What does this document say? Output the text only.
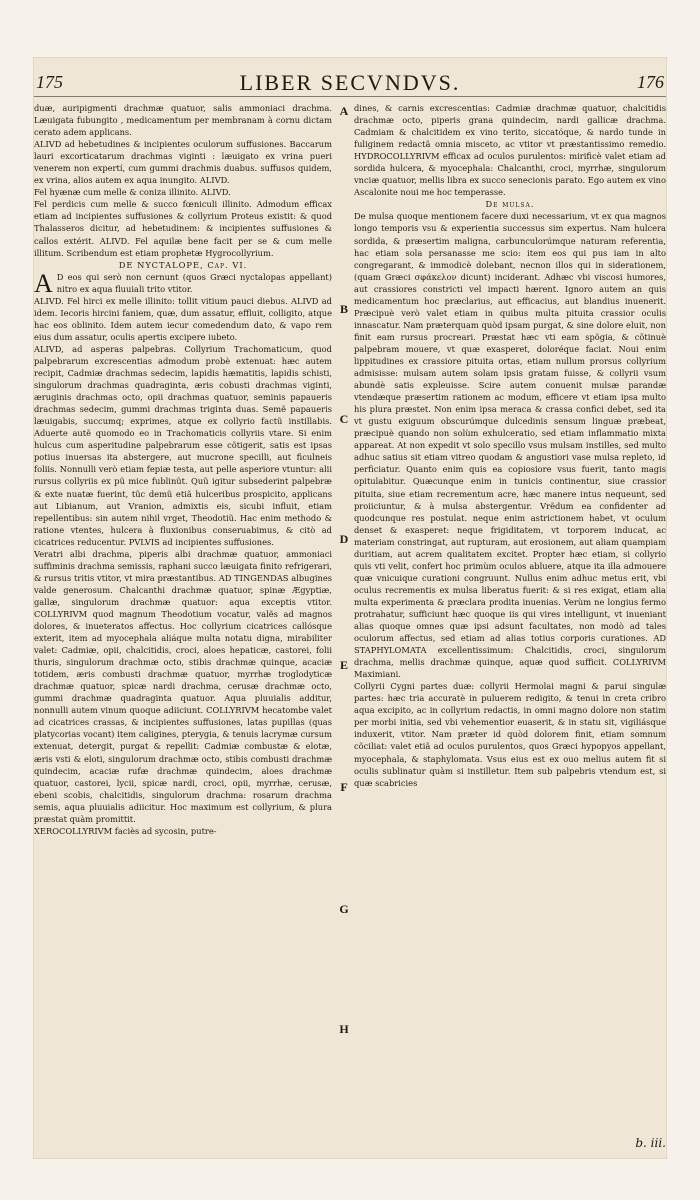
175	LIBER SECVNDVS.	176

duæ, auripigmenti drachmæ quatuor, salis ammoniaci drachma. Læuigata fubungito , medicamentum per membranam à cornu dictam cerato adem applicans.

ALIVD ad hebetudines & incipientes oculorum suffusiones. Baccarum lauri excorticatarum drachmas viginti : læuigato ex vrina pueri venerem non expertí, cum gummi drachmis duabus. suffusos quidem, ex vrina, alios autem ex aqua inungito. ALIVD.

Fel hyænæ cum melle & coniza illinito. ALIVD.

Fel perdicis cum melle & succo fœniculi illinito. Admodum efficax etiam ad incipientes suffusiones & collyrium Proteus existit: & quod Thalasseros dicitur, ad hebetudinem: & incipientes suffusiones & callos extérit. ALIVD. Fel aquilæ bene facit per se & cum melle illitum. Scribendum est etiam prophetæ Hygrocollyrium.

DE NYCTALOPE, Cap. VI.

A D eos qui serò non cernunt (quos Græci nyctalopas appellant) nitro ex aqua fluuiali trito vtitor.

ALIVD. Fel hirci ex melle illinito: tollit vitium pauci diebus. ALIVD ad idem. Iecoris hircini faniem, quæ, dum assatur, effluit, colligito, atque hac eos oblinito. Idem autem iecur comedendum dato, & vapo rem eius dum assatur, oculis apertis excipere iubeto.

ALIVD, ad asperas palpebras. Collyrium Trachomaticum, quod palpebrarum excrescentias admodum probè extenuat: hæc autem recipit, Cadmiæ drachmas sedecim, lapidis hæmatitis, lapidis schisti, singulorum drachmas quadraginta, æris cobusti drachmas viginti, æruginis drachmas octo, opii drachmas quatuor, seminis papaueris drachmas sedecim, gummi drachmas triginta duas. Semẽ papaueris læuigabis, succumq; exprimes, atque ex collyrio factũ instillabis. Aduerte autẽ quomodo eo in Trachomaticis collyriis vtare. Si enim hulcus cum asperitudine palpebrarum esse cõtigerit, satis est ipsas potius inuersas ita abstergere, aut mucrone specilli, aut ficulneis foliis. Nonnulli verò etiam fepiæ testa, aut pelle asperiore vtuntur: alii rursus collyriis ex pũ mice fublinũt. Quũ igitur subsederint palpebræ & exte nuatæ fuerint, tũc demũ etiã hulceribus prospicito, applicans aut Libianum, aut Vranion, admixtis eis, sicubi influit, etiam repellentibus: sin autem nihil vrget, Theodotiũ. Hac enim methodo & ratione vtentes, hulcera à fluxionibus conseruabimus, & citò ad cicatrices reducentur. PVLVIS ad incipientes suffusiones.

Veratri albi drachma, piperis albi drachmæ quatuor, ammoniaci suffiminis drachma semissis, raphani succo læuigata finito refrigerari, & rursus tritis vtitor, vt mira præstantibus. AD TINGENDAS albugines valde generosum. Chalcanthi drachmæ quatuor, spinæ Ægyptiæ, gallæ, singulorum drachmæ quatuor: aqua exceptis vtitor. COLLYRIVM quod magnum Theodotium vocatur, valẽs ad magnos dolores, & inueteratos affectus. Hoc collyrium cicatrices callósque exterit, item ad myocephala aliáque multa notatu digna, mirabiliter valet: Cadmiæ, opii, chalcitidis, croci, aloes hepaticæ, castorei, folii thuris, singulorum drachmæ octo, stibis drachmæ quinque, acaciæ totidem, æris combusti drachmæ quatuor, myrrhæ troglodyticæ drachmæ quatuor, spicæ nardi drachma, cerusæ drachmæ octo, gummi drachmæ quadraginta quatuor. Aqua pluuialis additur, nonnulli autem vinum quoque adiiciunt. COLLYRIVM hecatombe valet ad cicatrices crassas, & incipientes suffusiones, latas pupillas (quas platycorias vocant) item caligines, pterygia, & tenuis lacrymæ cursum extenuat, detergit, purgat & repellit: Cadmiæ combustæ & elotæ, æris vsti & eloti, singulorum drachmæ octo, stibis combusti drachmæ quindecim, acaciæ rufæ drachmæ quindecim, aloes drachmæ quatuor, castorei, lycii, spicæ nardi, croci, opii, myrrhæ, cerusæ, ebeni scobis, chalcitidis, singulorum drachma: rosarum drachma semis, aqua pluuialis adiicitur. Hoc maximum est collyrium, & plura præstat quàm promittit.

XEROCOLLYRIVM faciès ad sycosin, putre-

A
B
C
D
E
F
G
H

dines, & carnis excrescentias: Cadmiæ drachmæ quatuor, chalcitidis drachmæ octo, piperis grana quindecim, nardi gallicæ drachma. Cadmiam & chalcitidem ex vino terito, siccatóque, & nardo tunde in fuliginem redactã omnia misceto, ac vtitor vt præstantissimo remedio. HYDROCOLLYRIVM efficax ad oculos purulentos: mirificè valet etiam ad sordida hulcera, & myocephala: Chalcanthi, croci, myrrhæ, singulorum vnciæ quatuor, mellis libra ex succo senecionis parato. Ego autem ex vino Ascalonite noui me hoc temperasse.

De mulsa.

De mulsa quoque mentionem facere duxi necessarium, vt ex qua magnos longo temporis vsu & experientia successus sim expertus. Nam hulcera sordida, & præsertim maligna, carbunculorúmque naturam referentia, hac etiam sola persanasse me scio: item eos qui pus iam in alto congregarant, & immodicè dolebant, necnon illos qui in siderationem, (quam Græci σφάκελον dicunt) inciderant. Adhæc vbi viscosi humores, aut crassiores constricti vel impacti hærent. Ignoro autem an quis medicamentum hoc præclarius, aut efficacius, aut blandius inuenerit. Præcipuè verò valet etiam in quibus multa pituita crassior oculis innascatur. Nam præterquam quòd ipsam purgat, & sine dolore eluit, non finit eam rursus procreari. Præstat hæc vti eam spõgia, & cõtinuè palpebram mouere, vt quæ exasperet, doloréque faciat. Noui enim lippitudines ex crassiore pituita ortas, etiam nullum prorsus collyrium admisisse: mulsam autem solam ipsis gratam fuisse, & collyrii vsum abundè satis expleuisse. Scire autem conuenit mulsæ parandæ vtendæque præsertim rationem ac modum, efficere vt etiam ipsa multo his plura præstet. Non enim ipsa meraca & crassa confici debet, sed ita vt gustu exiguum obscurúmque dulcedinis sensum linguæ præbeat, præcipuè quando non solùm exhulceratio, sed etiam inflammatio mixta appareat. At non expedit vt solo specillo vsus mulsam instilles, sed multo adhuc satius sit etiam vitreo quodam & angustiori vase mulsa repleto, id perficiatur. Quanto enim quis ea copiosiore vsus fuerit, tanto magis opitulabitur. Quæcunque enim in tunicis continentur, siue crassior pituita, siue etiam recrementum acre, hæc manere intus nequeunt, sed proiiciuntur, & à mulsa abstergentur. Vrẽdum ea confidenter ad quodcunque res postulat. neque enim astrictionem habet, vt oculum denset & exasperet: neque frigiditatem, vt torporem inducat, ac materiam constringat, aut rupturam, aut erosionem, aut aliam quampiam duritiam, aut acrem qualitatem excitet. Propter hæc etiam, si collyrio quis vti velit, confert hoc primùm oculos abluere, atque ita illa admouere quæ vnicuique curationi congruunt. Nullus enim adhuc metus erit, vbi oculus recrementis ex mulsa liberatus fuerit: & si res exigat, etiam alia multa experimenta & præclara prodita inuenias. Verùm ne longius fermo protrahatur, sufficiunt hæc quoque iis qui vires intelligunt, vt inueniant alias quoque omnes quæ ipsi adsunt facultates, non modò ad tales oculorum affectus, sed etiam ad alias totius corporis curationes. AD STAPHYLOMATA excellentissimum: Chalcitidis, croci, singulorum drachma, mellis drachmæ quinque, aquæ quod sufficit. COLLYRIVM Maximiani.

Collyrii Cygni partes duæ: collyrii Hermolai magni & parui singulæ partes: hæc tria accuratè in puluerem redigito, & tenui in creta cribro aqua excipito, ac in collyrium redactis, in omni magno dolore non statim per morbi initia, sed vbi vehementior euaserit, & in statu sit, vigiliásque induxerit, vtitor. Nam præter id quòd dolorem finit, etiam somnum cõciliat: valet etiã ad oculos purulentos, quos Græci hypopyos appellant, myocephala, & staphylomata. Vsus eius est ex ouo melius autem fit si oculis sublinatur quàm si instilletur. Item sub palpebris vtendum est, si quæ scabricies

b. iii.
